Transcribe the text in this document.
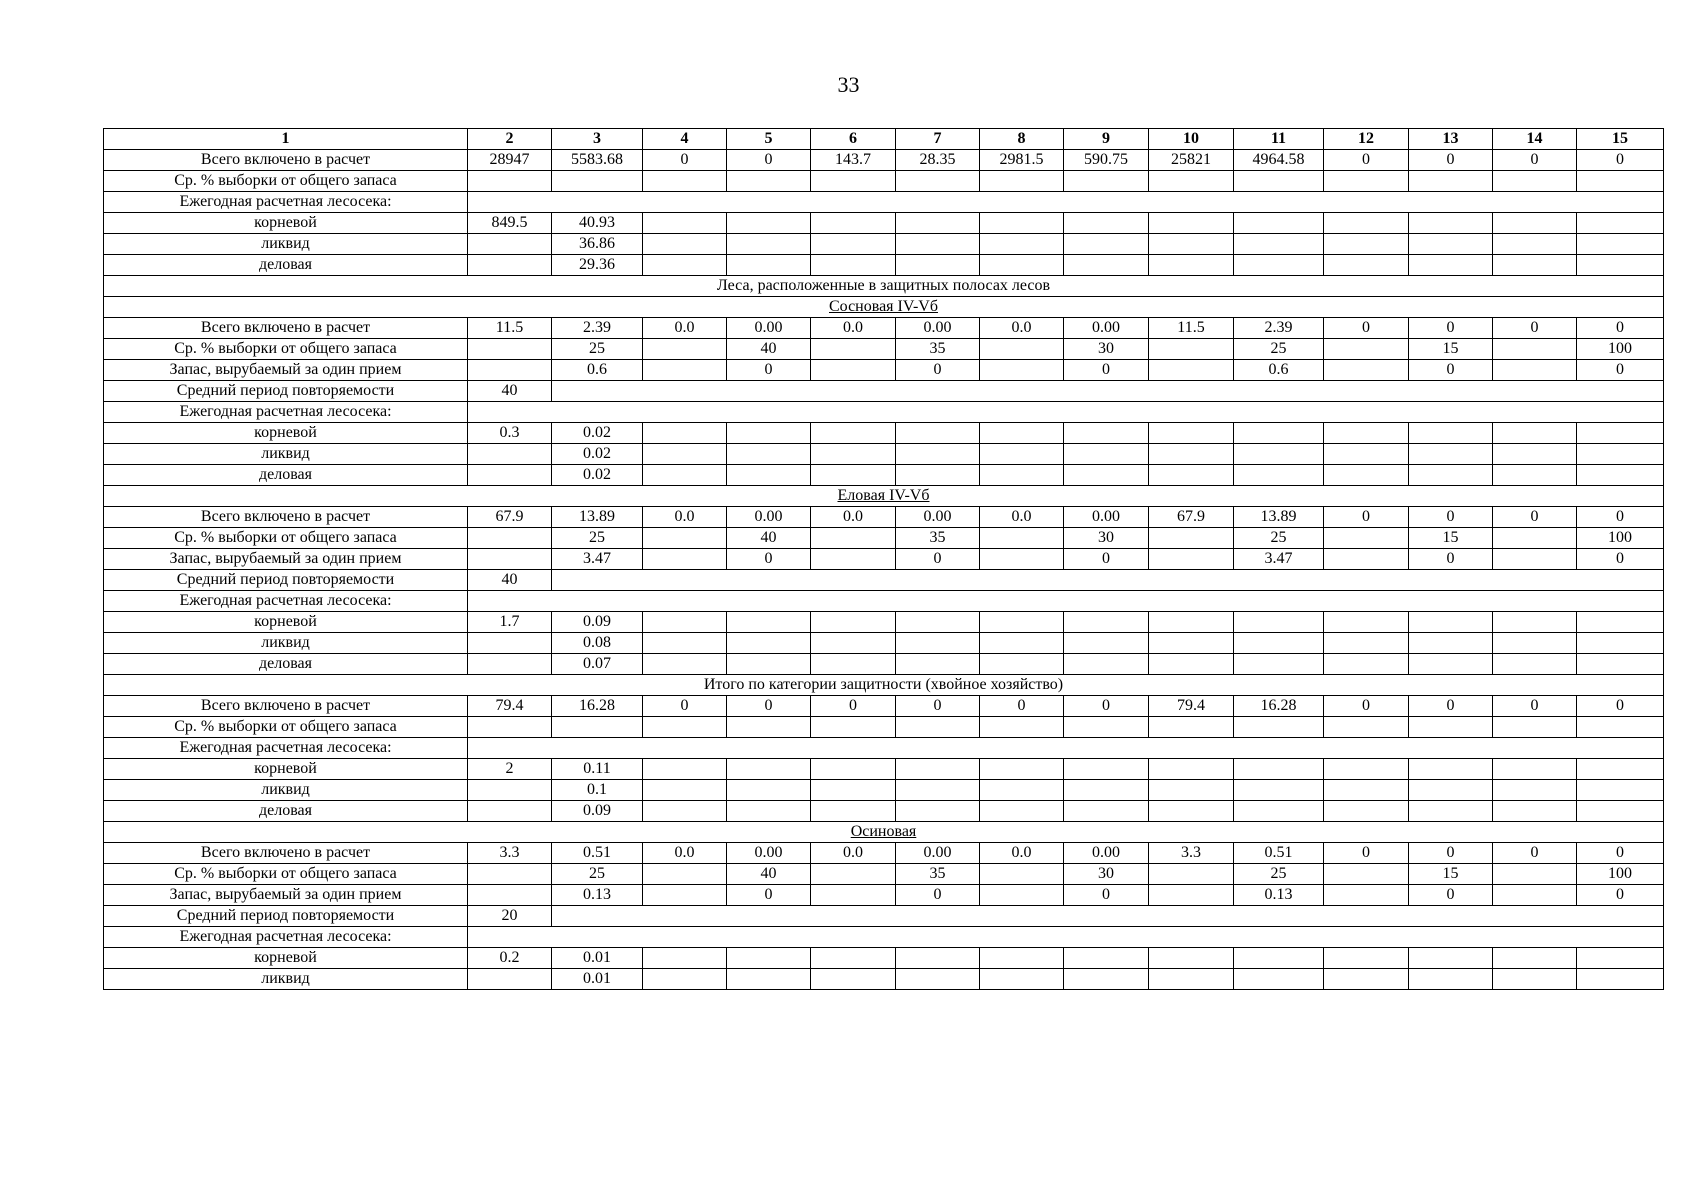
33
1	2	3	4	5	6	7	8	9	10	11	12	13	14	15
Всего включено в расчет	28947	5583.68	0	0	143.7	28.35	2981.5	590.75	25821	4964.58	0	0	0	0
Ср. % выборки от общего запаса														
Ежегодная расчетная лесосека:														
корневой	849.5	40.93												
ликвид		36.86												
деловая		29.36												
Леса, расположенные в защитных полосах лесов														
Сосновая IV-Vб														
Всего включено в расчет	11.5	2.39	0.0	0.00	0.0	0.00	0.0	0.00	11.5	2.39	0	0	0	0
Ср. % выборки от общего запаса		25		40		35		30		25		15		100
Запас, вырубаемый за один прием		0.6		0		0		0		0.6		0		0
Средний период повторяемости	40													
Ежегодная расчетная лесосека:														
корневой	0.3	0.02												
ликвид		0.02												
деловая		0.02												
Еловая IV-Vб														
Всего включено в расчет	67.9	13.89	0.0	0.00	0.0	0.00	0.0	0.00	67.9	13.89	0	0	0	0
Ср. % выборки от общего запаса		25		40		35		30		25		15		100
Запас, вырубаемый за один прием		3.47		0		0		0		3.47		0		0
Средний период повторяемости	40													
Ежегодная расчетная лесосека:														
корневой	1.7	0.09												
ликвид		0.08												
деловая		0.07												
Итого по категории защитности (хвойное хозяйство)														
Всего включено в расчет	79.4	16.28	0	0	0	0	0	0	79.4	16.28	0	0	0	0
Ср. % выборки от общего запаса														
Ежегодная расчетная лесосека:														
корневой	2	0.11												
ликвид		0.1												
деловая		0.09												
Осиновая														
Всего включено в расчет	3.3	0.51	0.0	0.00	0.0	0.00	0.0	0.00	3.3	0.51	0	0	0	0
Ср. % выборки от общего запаса		25		40		35		30		25		15		100
Запас, вырубаемый за один прием		0.13		0		0		0		0.13		0		0
Средний период повторяемости	20													
Ежегодная расчетная лесосека:														
корневой	0.2	0.01												
ликвид		0.01												
